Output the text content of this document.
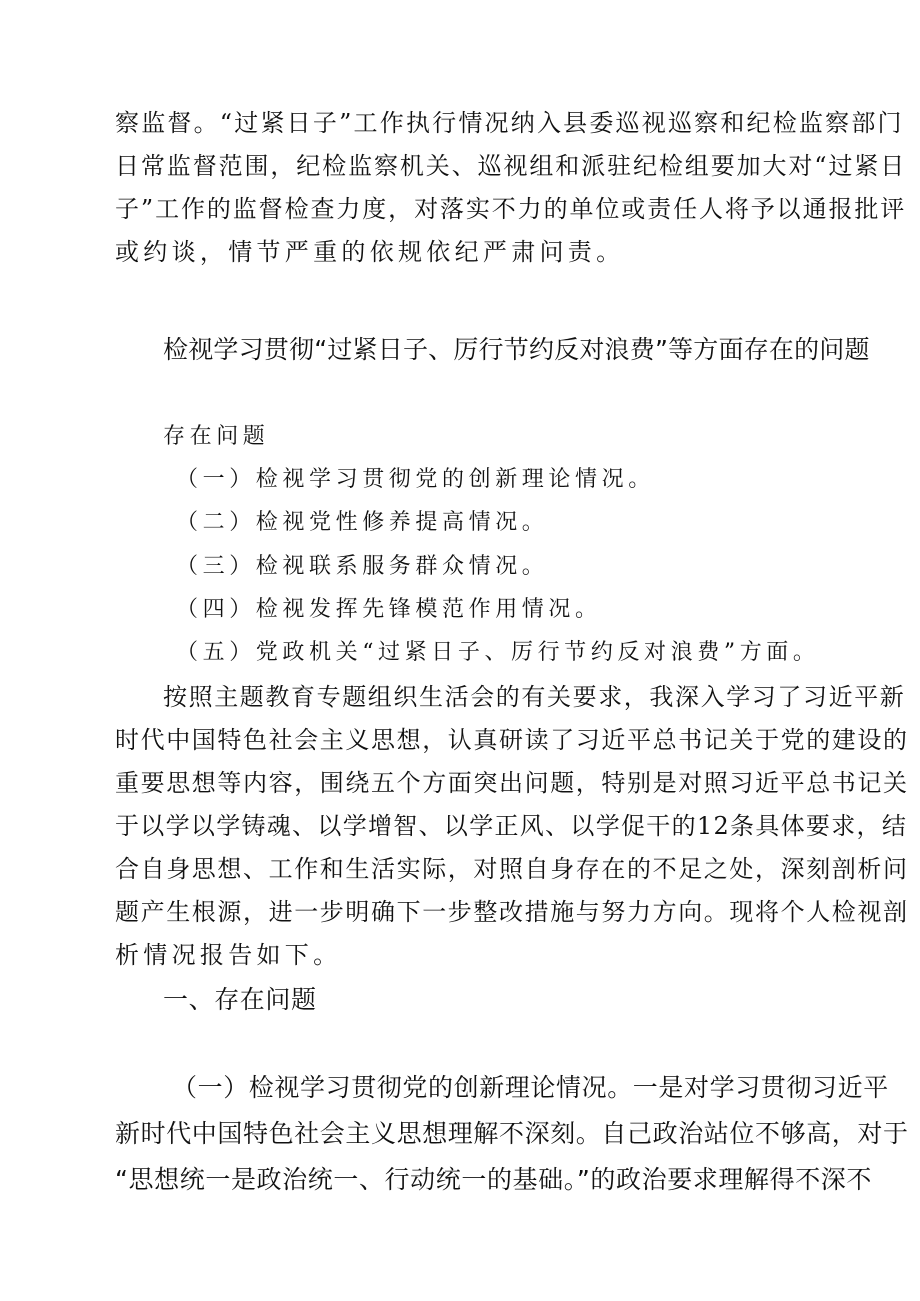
察监督。“过紧日子”工作执行情况纳入县委巡视巡察和纪检监察部门
日常监督范围，纪检监察机关、巡视组和派驻纪检组要加大对“过紧日
子”工作的监督检查力度，对落实不力的单位或责任人将予以通报批评
或约谈，情节严重的依规依纪严肃问责。
检视学习贯彻“过紧日子、厉行节约反对浪费”等方面存在的问题
存在问题
（一）检视学习贯彻党的创新理论情况。
（二）检视党性修养提高情况。
（三）检视联系服务群众情况。
（四）检视发挥先锋模范作用情况。
（五）党政机关“过紧日子、厉行节约反对浪费”方面。
按照主题教育专题组织生活会的有关要求，我深入学习了习近平新
时代中国特色社会主义思想，认真研读了习近平总书记关于党的建设的
重要思想等内容，围绕五个方面突出问题，特别是对照习近平总书记关
于以学以学铸魂、以学增智、以学正风、以学促干的12条具体要求，结
合自身思想、工作和生活实际，对照自身存在的不足之处，深刻剖析问
题产生根源，进一步明确下一步整改措施与努力方向。现将个人检视剖
析情况报告如下。
一、存在问题
（一）检视学习贯彻党的创新理论情况。一是对学习贯彻习近平
新时代中国特色社会主义思想理解不深刻。自己政治站位不够高，对于
“思想统一是政治统一、行动统一的基础。”的政治要求理解得不深不
